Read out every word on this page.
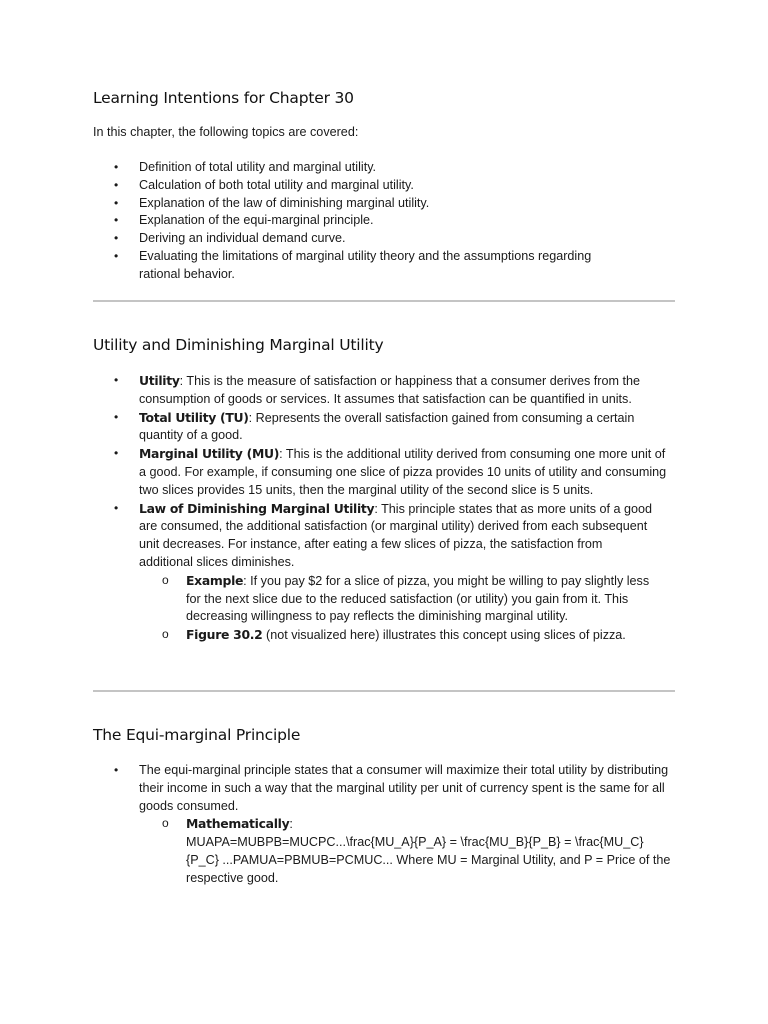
Learning Intentions for Chapter 30

In this chapter, the following topics are covered:

• Definition of total utility and marginal utility.
• Calculation of both total utility and marginal utility.
• Explanation of the law of diminishing marginal utility.
• Explanation of the equi-marginal principle.
• Deriving an individual demand curve.
• Evaluating the limitations of marginal utility theory and the assumptions regarding rational behavior.
Utility and Diminishing Marginal Utility
• Utility: This is the measure of satisfaction or happiness that a consumer derives from the consumption of goods or services. It assumes that satisfaction can be quantified in units.
• Total Utility (TU): Represents the overall satisfaction gained from consuming a certain quantity of a good.
• Marginal Utility (MU): This is the additional utility derived from consuming one more unit of a good. For example, if consuming one slice of pizza provides 10 units of utility and consuming two slices provides 15 units, then the marginal utility of the second slice is 5 units.
• Law of Diminishing Marginal Utility: This principle states that as more units of a good are consumed, the additional satisfaction (or marginal utility) derived from each subsequent unit decreases. For instance, after eating a few slices of pizza, the satisfaction from additional slices diminishes.
o Example: If you pay $2 for a slice of pizza, you might be willing to pay slightly less for the next slice due to the reduced satisfaction (or utility) you gain from it. This decreasing willingness to pay reflects the diminishing marginal utility.
o Figure 30.2 (not visualized here) illustrates this concept using slices of pizza.
The Equi-marginal Principle
• The equi-marginal principle states that a consumer will maximize their total utility by distributing their income in such a way that the marginal utility per unit of currency spent is the same for all goods consumed.
o Mathematically:
MUAPA=MUBPB=MUCPC...\frac{MU_A}{P_A} = \frac{MU_B}{P_B} = \frac{MU_C}{P_C} ...PAMUA=PBMUB=PCMUC... Where MU = Marginal Utility, and P = Price of the respective good.
